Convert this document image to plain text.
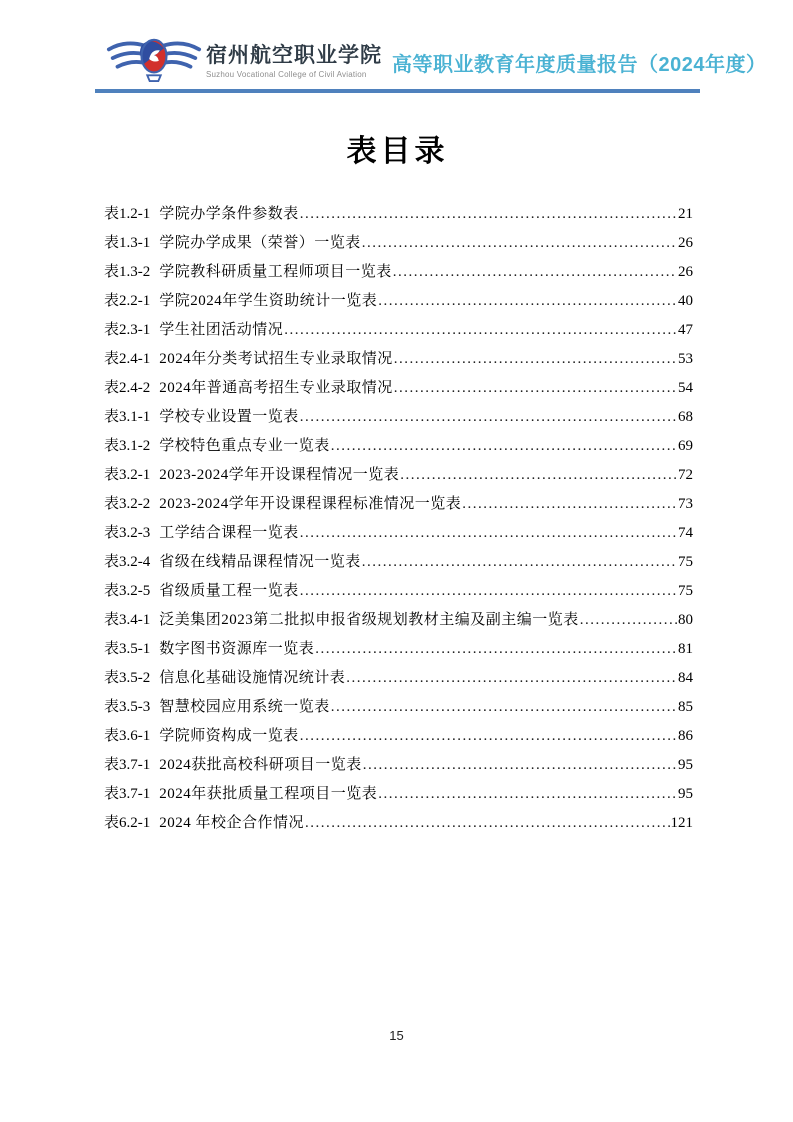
宿州航空职业学院
Suzhou Vocational College of Civil Aviation	高等职业教育年度质量报告（2024年度）
表目录
表1.2-1 学院办学条件参数表 .....	21
表1.3-1 学院办学成果（荣誉）一览表 .....	26
表1.3-2 学院教科研质量工程师项目一览表 .....	26
表2.2-1 学院2024年学生资助统计一览表 .....	40
表2.3-1 学生社团活动情况 .....	47
表2.4-1 2024年分类考试招生专业录取情况 .....	53
表2.4-2 2024年普通高考招生专业录取情况 .....	54
表3.1-1 学校专业设置一览表 .....	68
表3.1-2 学校特色重点专业一览表 .....	69
表3.2-1 2023-2024学年开设课程情况一览表 .....	72
表3.2-2 2023-2024学年开设课程课程标准情况一览表 .....	73
表3.2-3 工学结合课程一览表 .....	74
表3.2-4 省级在线精品课程情况一览表 .....	75
表3.2-5 省级质量工程一览表 .....	75
表3.4-1 泛美集团2023第二批拟申报省级规划教材主编及副主编一览表 .....	80
表3.5-1 数字图书资源库一览表 .....	81
表3.5-2 信息化基础设施情况统计表 .....	84
表3.5-3 智慧校园应用系统一览表 .....	85
表3.6-1 学院师资构成一览表 .....	86
表3.7-1 2024获批高校科研项目一览表 .....	95
表3.7-1 2024年获批质量工程项目一览表 .....	95
表6.2-1 2024 年校企合作情况 .....	121
15
